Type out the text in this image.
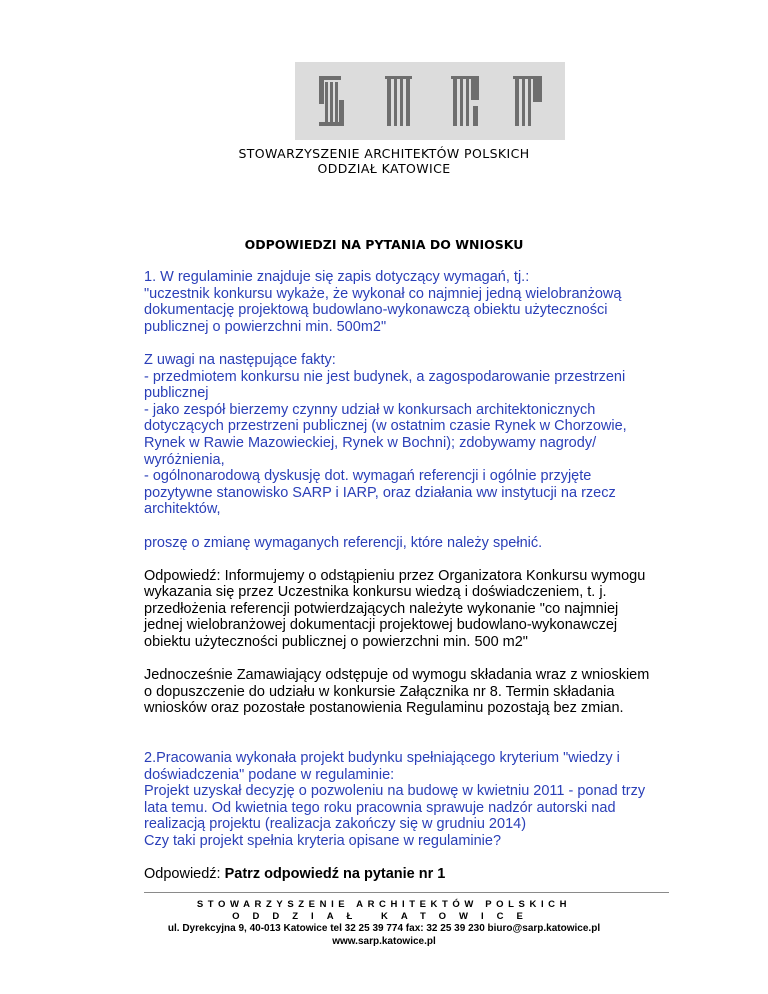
STOWARZYSZENIE ARCHITEKTÓW POLSKICH
ODDZIAŁ KATOWICE
ODPOWIEDZI NA PYTANIA DO WNIOSKU

1. W regulaminie znajduje się zapis dotyczący wymagań, tj.:

"uczestnik konkursu wykaże, że wykonał co najmniej jedną wielobranżową

dokumentację projektową budowlano-wykonawczą obiektu użyteczności

publicznej o powierzchni min. 500m2"

Z uwagi na następujące fakty:

- przedmiotem konkursu nie jest budynek, a zagospodarowanie przestrzeni

publicznej

- jako zespół bierzemy czynny udział w konkursach architektonicznych

dotyczących przestrzeni publicznej (w ostatnim czasie Rynek w Chorzowie,

Rynek w Rawie Mazowieckiej, Rynek w Bochni); zdobywamy nagrody/

wyróżnienia,

- ogólnonarodową dyskusję dot. wymagań referencji i ogólnie przyjęte

pozytywne stanowisko SARP i IARP, oraz działania ww instytucji na rzecz

architektów,

proszę o zmianę wymaganych referencji, które należy spełnić.

Odpowiedź: Informujemy o odstąpieniu przez Organizatora Konkursu wymogu

wykazania się przez Uczestnika konkursu wiedzą i doświadczeniem, t. j.

przedłożenia referencji potwierdzających należyte wykonanie "co najmniej

jednej wielobranżowej dokumentacji projektowej budowlano-wykonawczej

obiektu użyteczności publicznej o powierzchni min. 500 m2"

Jednocześnie Zamawiający odstępuje od wymogu składania wraz z wnioskiem

o dopuszczenie do udziału w konkursie Załącznika nr 8. Termin składania

wniosków oraz pozostałe postanowienia Regulaminu pozostają bez zmian.

2.Pracowania wykonała projekt budynku spełniającego kryterium "wiedzy i

doświadczenia" podane w regulaminie:

Projekt uzyskał decyzję o pozwoleniu na budowę w kwietniu 2011 - ponad trzy

lata temu. Od kwietnia tego roku pracownia sprawuje nadzór autorski nad

realizacją projektu (realizacja zakończy się w grudniu 2014)

Czy taki projekt spełnia kryteria opisane w regulaminie?

Odpowiedź: Patrz odpowiedź na pytanie nr 1

STOWARZYSZENIE ARCHITEKTÓW POLSKICH
ODDZIAŁ KATOWICE
ul. Dyrekcyjna 9, 40-013 Katowice tel 32 25 39 774 fax: 32 25 39 230 biuro@sarp.katowice.pl
www.sarp.katowice.pl
